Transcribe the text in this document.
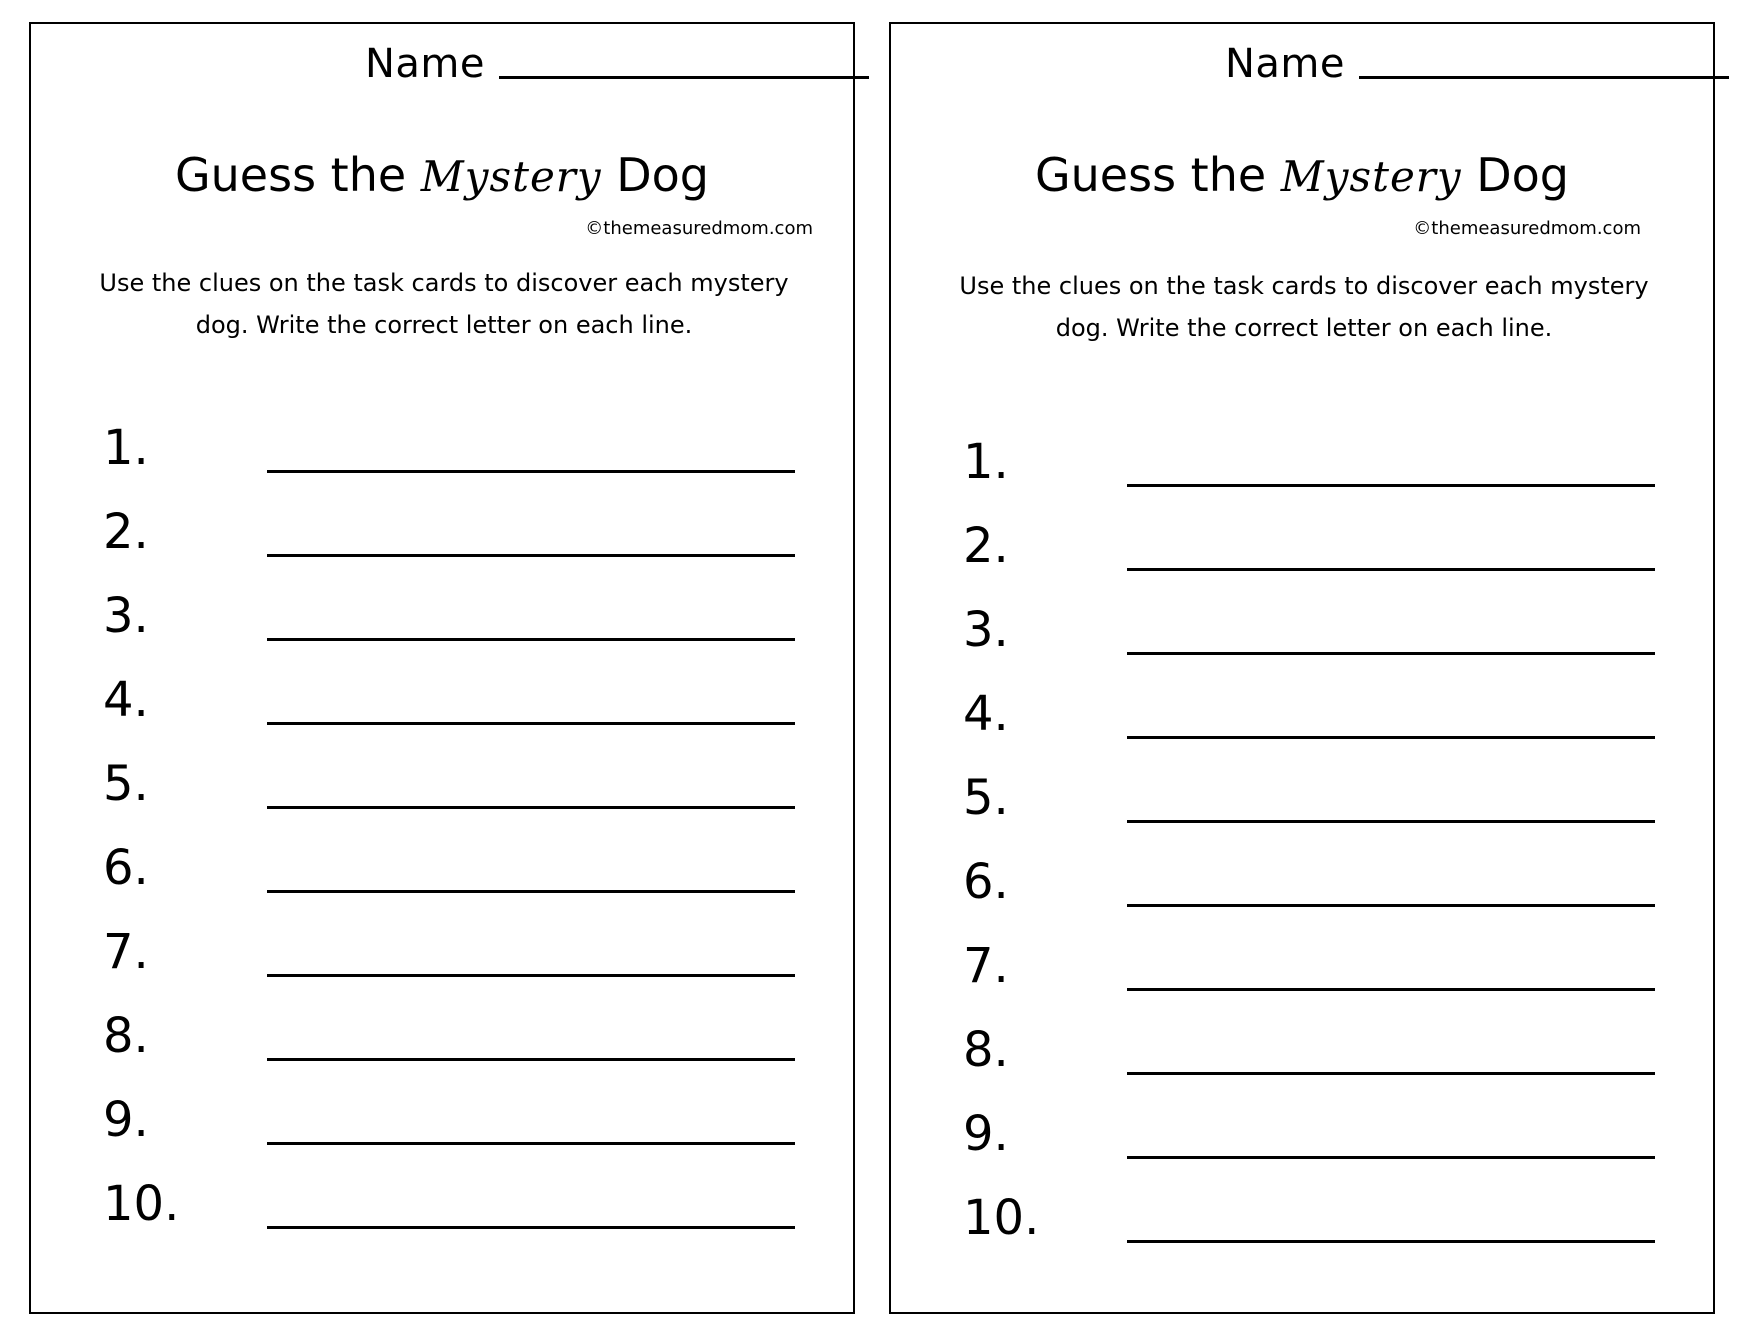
Name
Guess the Mystery Dog
©themeasuredmom.com
Use the clues on the task cards to discover each mystery dog. Write the correct letter on each line.
1.
2.
3.
4.
5.
6.
7.
8.
9.
10.
Name
Guess the Mystery Dog
©themeasuredmom.com
Use the clues on the task cards to discover each mystery dog. Write the correct letter on each line.
1.
2.
3.
4.
5.
6.
7.
8.
9.
10.
